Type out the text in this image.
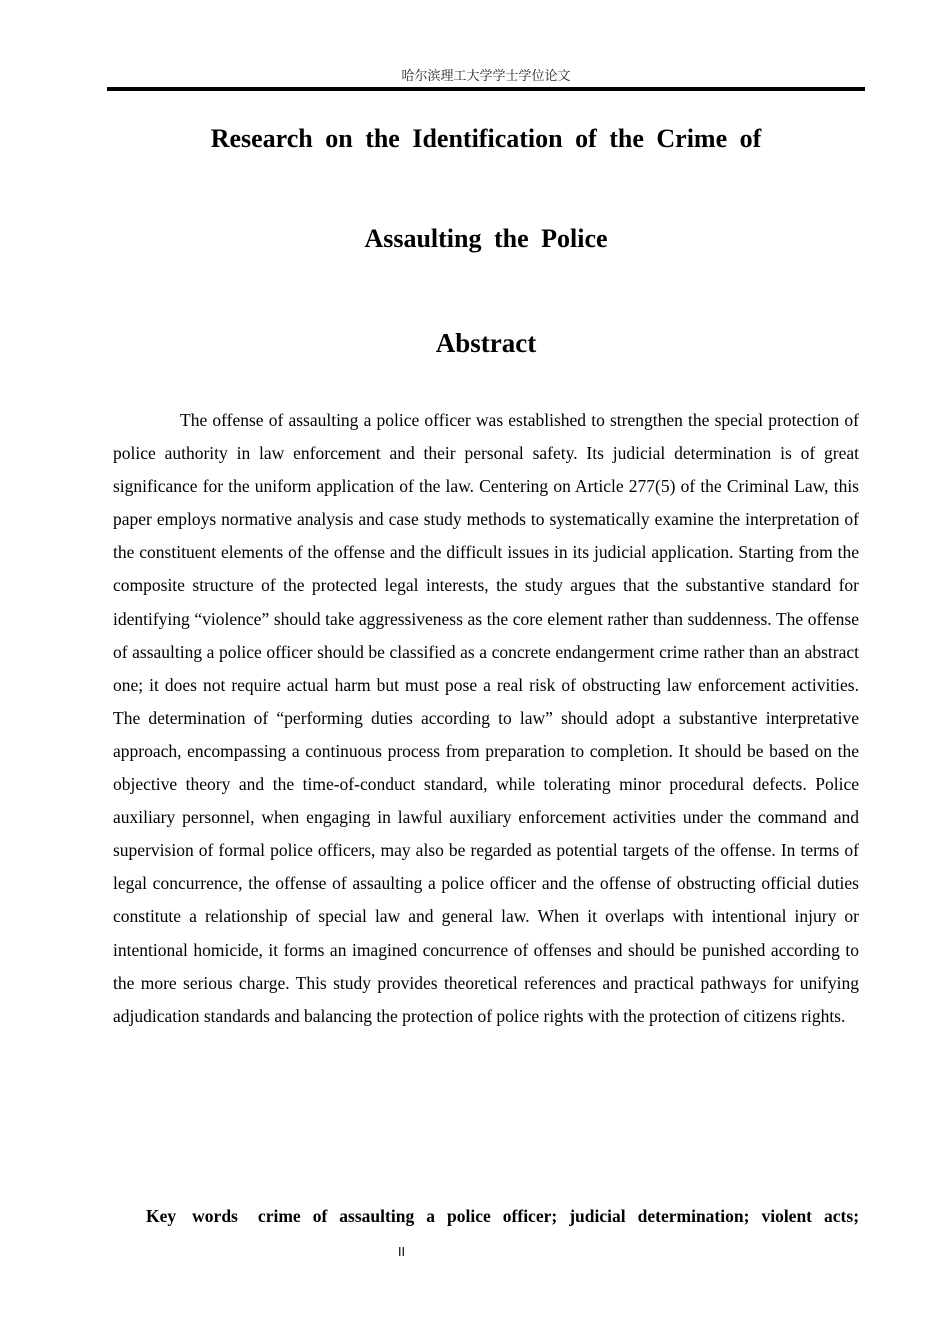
哈尔滨理工大学学士学位论文
Research on the Identification of the Crime of
Assaulting the Police
Abstract

The offense of assaulting a police officer was established to strengthen the special protection of police authority in law enforcement and their personal safety. Its judicial determination is of great significance for the uniform application of the law. Centering on Article 277(5) of the Criminal Law, this paper employs normative analysis and case study methods to systematically examine the interpretation of the constituent elements of the offense and the difficult issues in its judicial application. Starting from the composite structure of the protected legal interests, the study argues that the substantive standard for identifying “violence” should take aggressiveness as the core element rather than suddenness. The offense of assaulting a police officer should be classified as a concrete endangerment crime rather than an abstract one; it does not require actual harm but must pose a real risk of obstructing law enforcement activities. The determination of “performing duties according to law” should adopt a substantive interpretative approach, encompassing a continuous process from preparation to completion. It should be based on the objective theory and the time-of-conduct standard, while tolerating minor procedural defects. Police auxiliary personnel, when engaging in lawful auxiliary enforcement activities under the command and supervision of formal police officers, may also be regarded as potential targets of the offense. In terms of legal concurrence, the offense of assaulting a police officer and the offense of obstructing official duties constitute a relationship of special law and general law. When it overlaps with intentional injury or intentional homicide, it forms an imagined concurrence of offenses and should be punished according to the more serious charge. This study provides theoretical references and practical pathways for unifying adjudication standards and balancing the protection of police rights with the protection of citizens rights.

Key words crime of assaulting a police officer; judicial determination; violent acts;

II
